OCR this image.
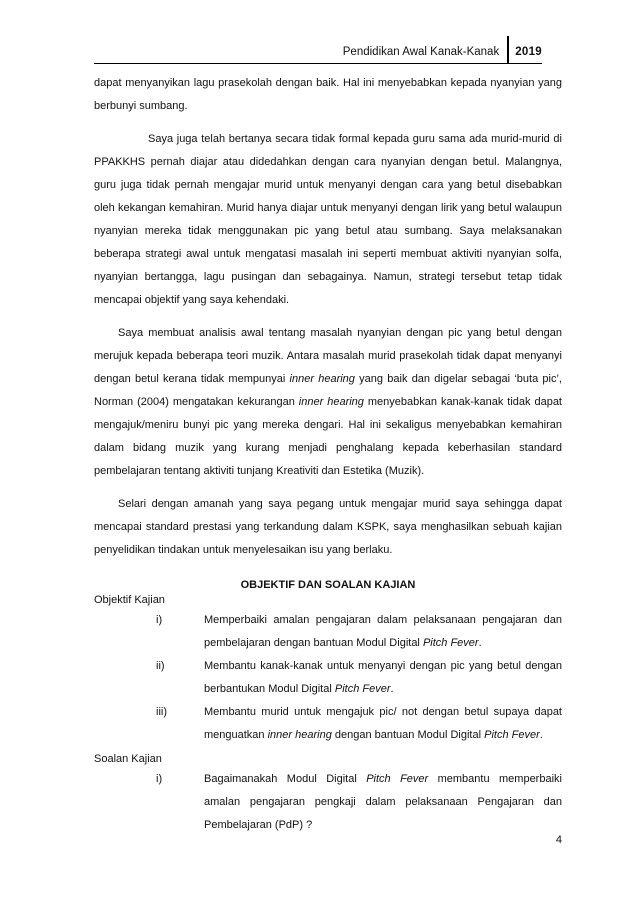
Pendidikan Awal Kanak-Kanak	2019

dapat menyanyikan lagu prasekolah dengan baik. Hal ini menyebabkan kepada nyanyian yang berbunyi sumbang.

Saya juga telah bertanya secara tidak formal kepada guru sama ada murid-murid di PPAKKHS pernah diajar atau didedahkan dengan cara nyanyian dengan betul. Malangnya, guru juga tidak pernah mengajar murid untuk menyanyi dengan cara yang betul disebabkan oleh kekangan kemahiran. Murid hanya diajar untuk menyanyi dengan lirik yang betul walaupun nyanyian mereka tidak menggunakan pic yang betul atau sumbang. Saya melaksanakan beberapa strategi awal untuk mengatasi masalah ini seperti membuat aktiviti nyanyian solfa, nyanyian bertangga, lagu pusingan dan sebagainya. Namun, strategi tersebut tetap tidak mencapai objektif yang saya kehendaki.

Saya membuat analisis awal tentang masalah nyanyian dengan pic yang betul dengan merujuk kepada beberapa teori muzik. Antara masalah murid prasekolah tidak dapat menyanyi dengan betul kerana tidak mempunyai inner hearing yang baik dan digelar sebagai ‘buta pic’, Norman (2004) mengatakan kekurangan inner hearing menyebabkan kanak-kanak tidak dapat mengajuk/meniru bunyi pic yang mereka dengari. Hal ini sekaligus menyebabkan kemahiran dalam bidang muzik yang kurang menjadi penghalang kepada keberhasilan standard pembelajaran tentang aktiviti tunjang Kreativiti dan Estetika (Muzik).

Selari dengan amanah yang saya pegang untuk mengajar murid saya sehingga dapat mencapai standard prestasi yang terkandung dalam KSPK, saya menghasilkan sebuah kajian penyelidikan tindakan untuk menyelesaikan isu yang berlaku.

OBJEKTIF DAN SOALAN KAJIAN

Objektif Kajian

i)	Memperbaiki amalan pengajaran dalam pelaksanaan pengajaran dan pembelajaran dengan bantuan Modul Digital Pitch Fever.
ii)	Membantu kanak-kanak untuk menyanyi dengan pic yang betul dengan berbantukan Modul Digital Pitch Fever.
iii)	Membantu murid untuk mengajuk pic/ not dengan betul supaya dapat menguatkan inner hearing dengan bantuan Modul Digital Pitch Fever.

Soalan Kajian

i)	Bagaimanakah Modul Digital Pitch Fever membantu memperbaiki amalan pengajaran pengkaji dalam pelaksanaan Pengajaran dan Pembelajaran (PdP) ?
4
